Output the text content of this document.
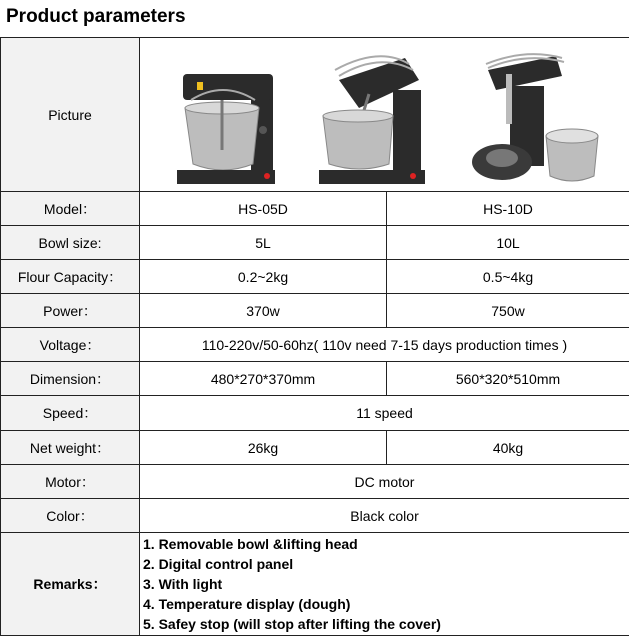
Product parameters
Picture	

Model：	HS-05D	HS-10D
Bowl size:	5L	10L
Flour Capacity：	0.2~2kg	0.5~4kg
Power：	370w	750w
Voltage：	110-220v/50-60hz( 110v need 7-15 days production times )	
Dimension：	480*270*370mm	560*320*510mm
Speed：	11 speed	
Net weight：	26kg	40kg
Motor：	DC motor	
Color：	Black color	
Remarks：	1. Removable bowl &lifting head
2. Digital control panel
3. With light
4. Temperature display (dough)
5. Safey stop (will stop after lifting the cover)	
